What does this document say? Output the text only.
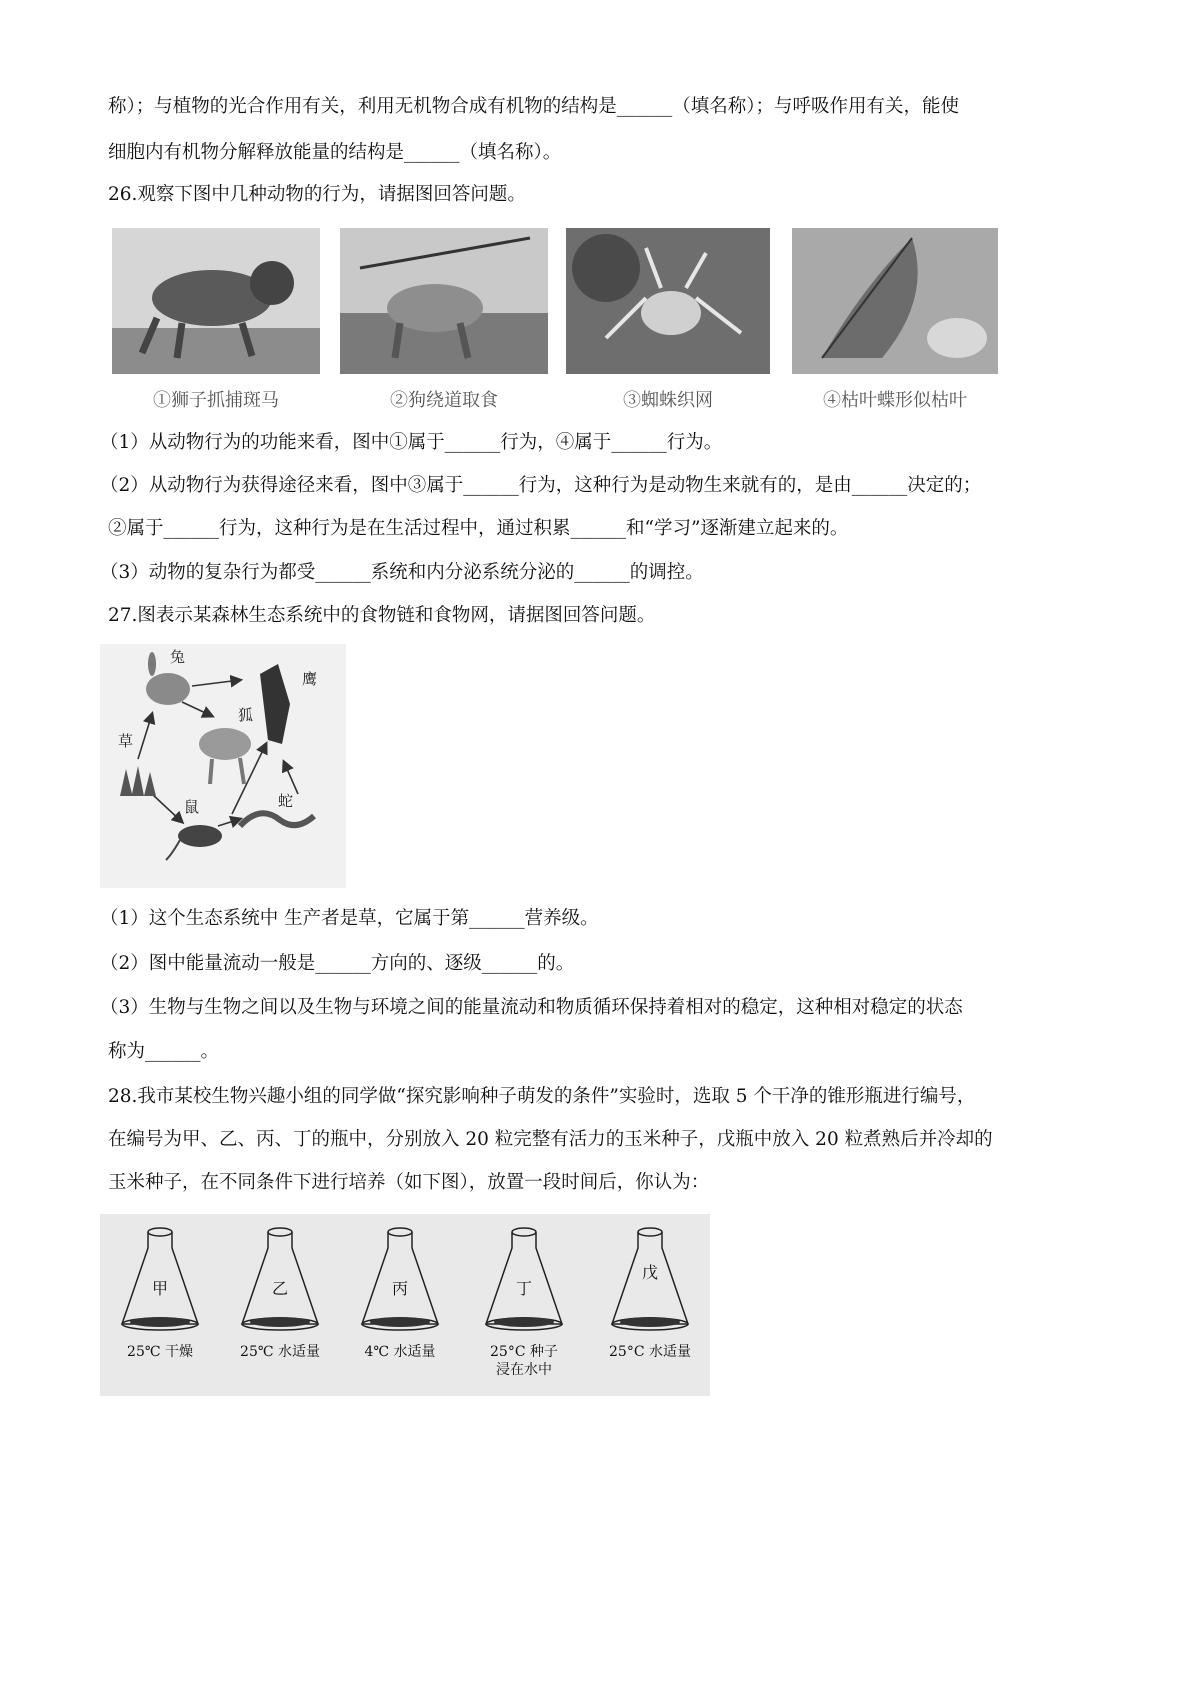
称）；与植物的光合作用有关，利用无机物合成有机物的结构是______（填名称）；与呼吸作用有关，能使
细胞内有机物分解释放能量的结构是______（填名称）。
26.观察下图中几种动物的行为，请据图回答问题。
①狮子抓捕斑马	②狗绕道取食	③蜘蛛织网	④枯叶蝶形似枯叶
（1）从动物行为的功能来看，图中①属于______行为，④属于______行为。
（2）从动物行为获得途径来看，图中③属于______行为，这种行为是动物生来就有的，是由______决定的；
②属于______行为，这种行为是在生活过程中，通过积累______和“学习”逐渐建立起来的。
（3）动物的复杂行为都受______系统和内分泌系统分泌的______的调控。
27.图表示某森林生态系统中的食物链和食物网，请据图回答问题。
兔
鹰
狐
草
鼠	蛇
（1）这个生态系统中 生产者是草，它属于第______营养级。
（2）图中能量流动一般是______方向的、逐级______的。
（3）生物与生物之间以及生物与环境之间的能量流动和物质循环保持着相对的稳定，这种相对稳定的状态
称为______。
28.我市某校生物兴趣小组的同学做“探究影响种子萌发的条件”实验时，选取 5 个干净的锥形瓶进行编号，
在编号为甲、乙、丙、丁的瓶中，分别放入 20 粒完整有活力的玉米种子，戊瓶中放入 20 粒煮熟后并冷却的
玉米种子，在不同条件下进行培养（如下图），放置一段时间后，你认为：
甲
25℃ 干燥
乙
25℃ 水适量
丙
4℃ 水适量
丁
25°C 种子
浸在水中
戊
25°C 水适量
